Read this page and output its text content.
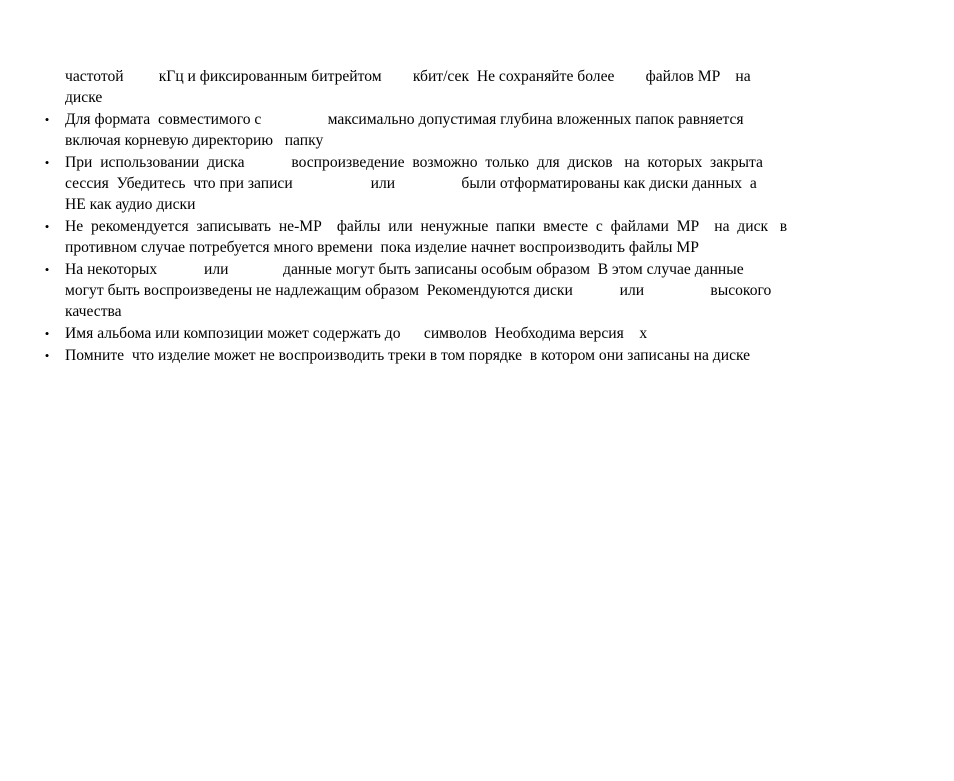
частотой         кГц и фиксированным битрейтом        кбит/сек  Не сохраняйте более        файлов MP    на
диске
•	Для формата  совместимого с                 максимально допустимая глубина вложенных папок равняется
включая корневую директорию   папку
•	При  использовании  диска            воспроизведение  возможно  только  для  дисков   на  которых  закрыта
сессия  Убедитесь  что при записи                    или                 были отформатированы как диски данных  а
НЕ как аудио диски
•	Не  рекомендуется  записывать  не-MP    файлы  или  ненужные  папки  вместе  с  файлами  MP    на  диск   в
противном случае потребуется много времени  пока изделие начнет воспроизводить файлы MP
•	На некоторых            или              данные могут быть записаны особым образом  В этом случае данные
могут быть воспроизведены не надлежащим образом  Рекомендуются диски            или                 высокого
качества
•	Имя альбома или композиции может содержать до      символов  Необходима версия    x
•	Помните  что изделие может не воспроизводить треки в том порядке  в котором они записаны на диске
